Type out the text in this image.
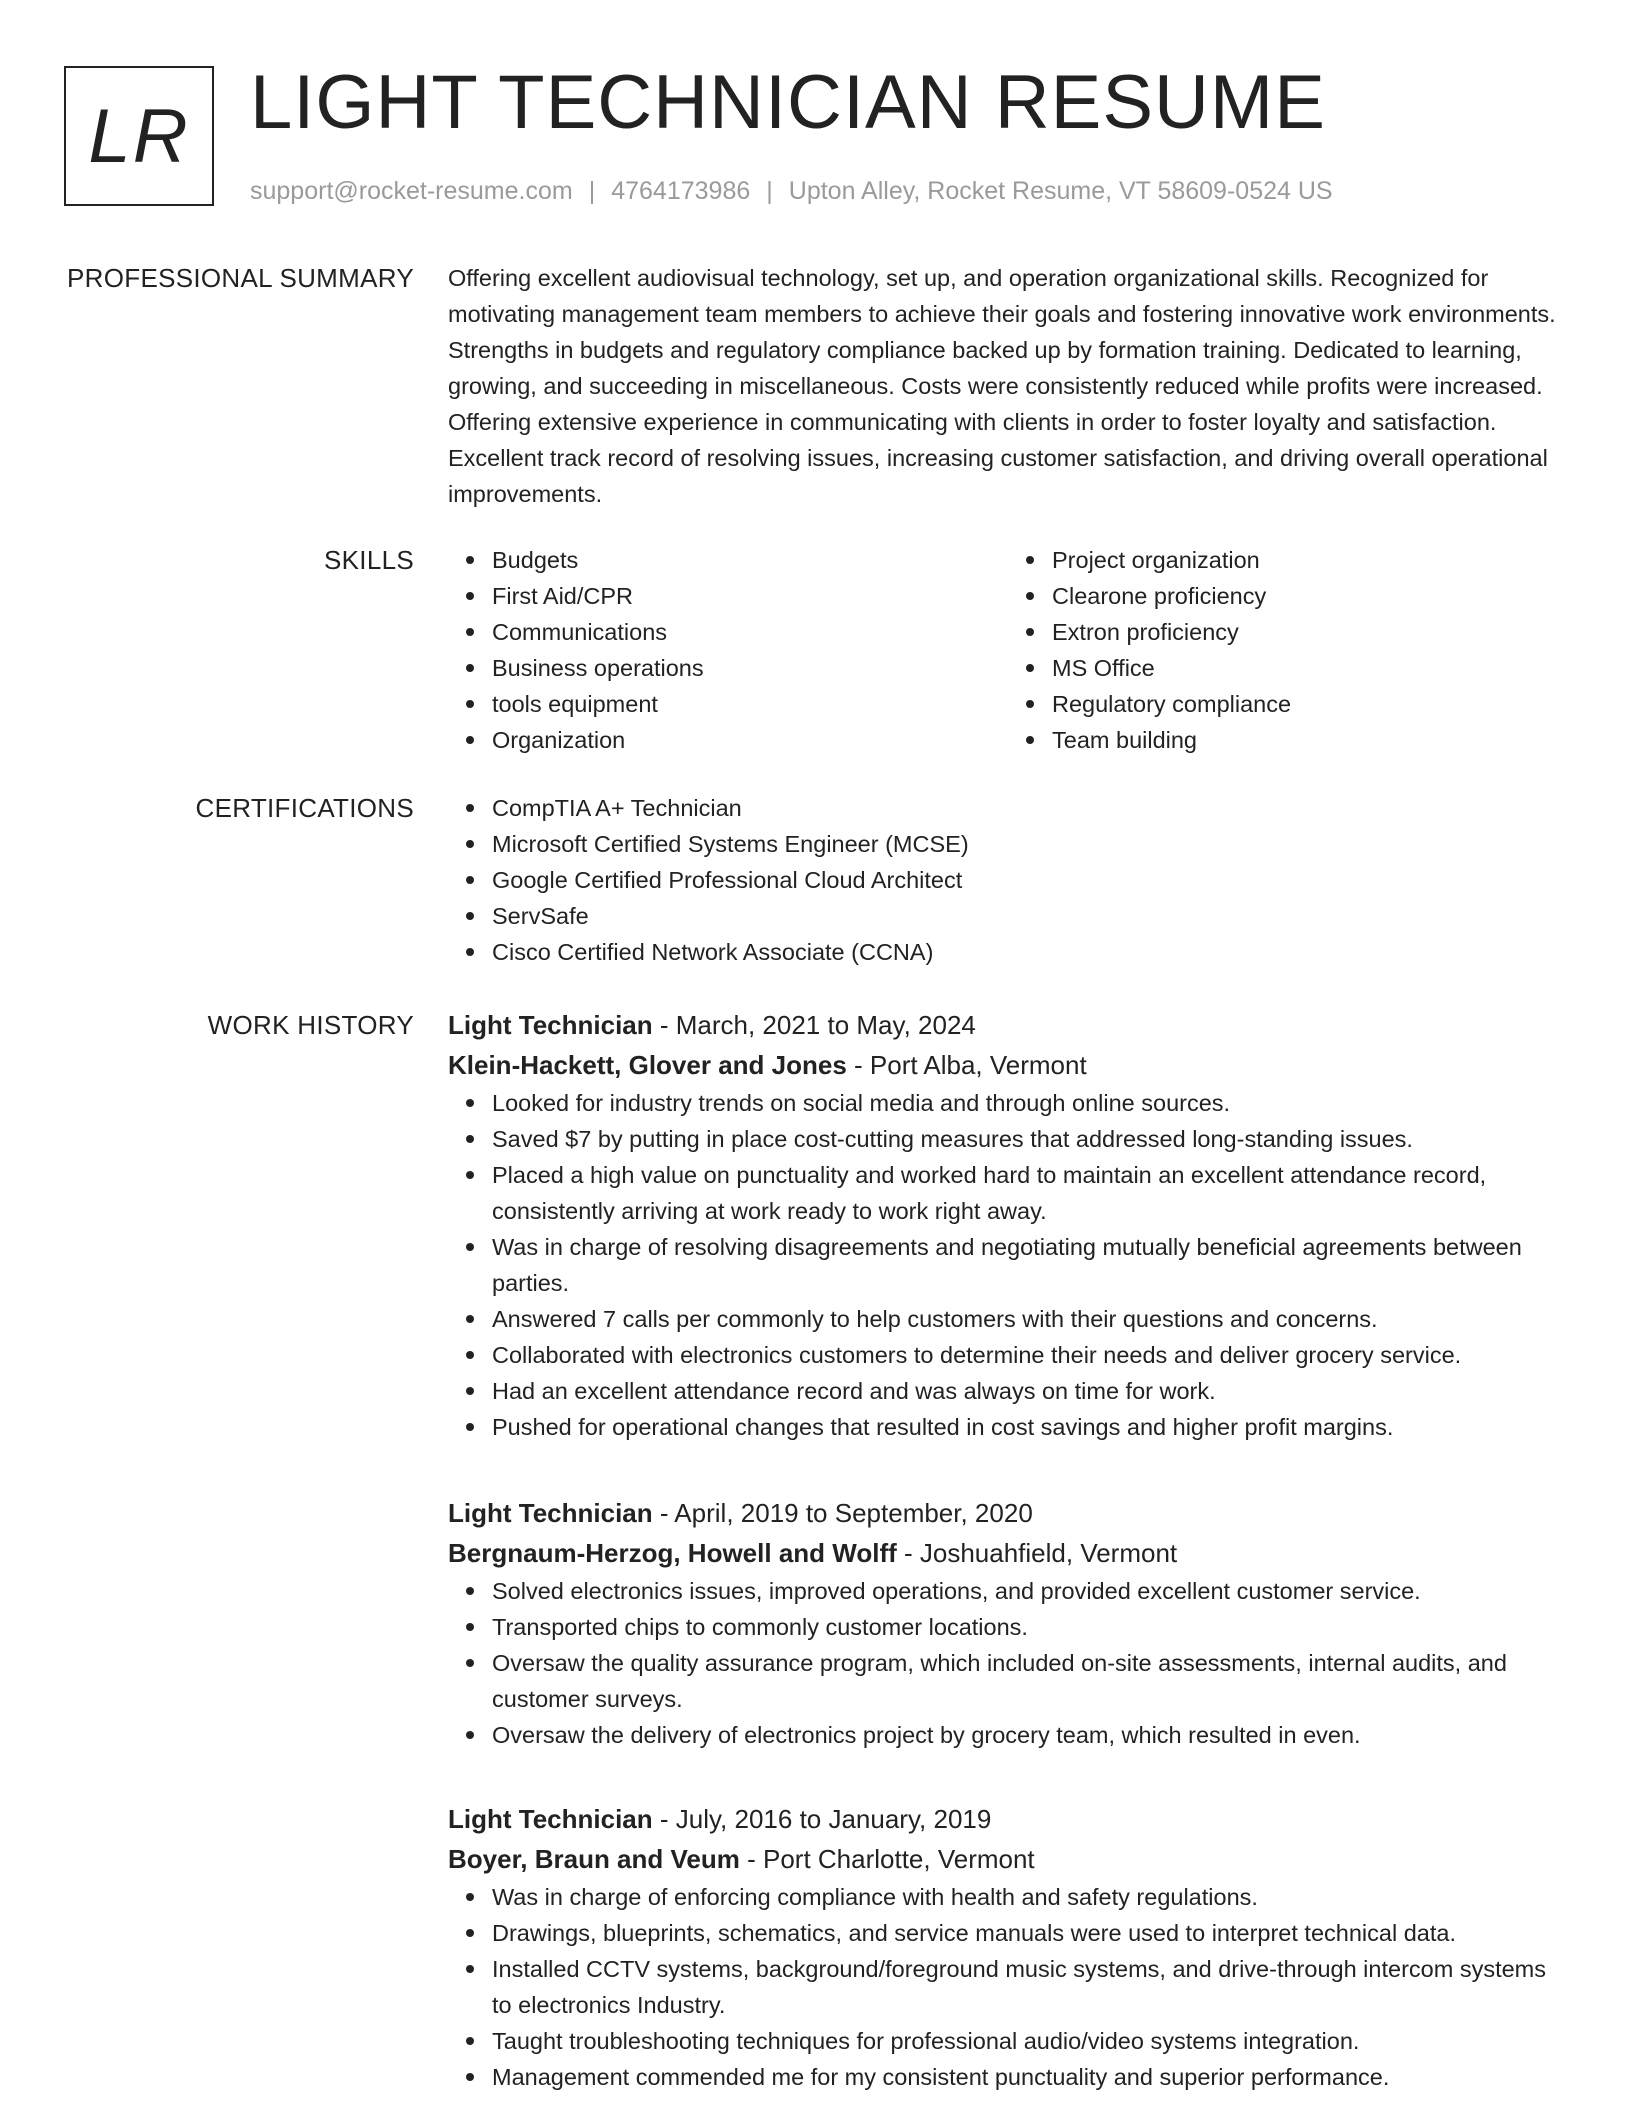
LR LIGHT TECHNICIAN RESUME
support@rocket-resume.com | 4764173986 | Upton Alley, Rocket Resume, VT 58609-0524 US
PROFESSIONAL SUMMARY Offering excellent audiovisual technology, set up, and operation organizational skills. Recognized for motivating management team members to achieve their goals and fostering innovative work environments. Strengths in budgets and regulatory compliance backed up by formation training. Dedicated to learning, growing, and succeeding in miscellaneous. Costs were consistently reduced while profits were increased. Offering extensive experience in communicating with clients in order to foster loyalty and satisfaction. Excellent track record of resolving issues, increasing customer satisfaction, and driving overall operational improvements.
SKILLS	Budgets
First Aid/CPR
Communications
Business operations
tools equipment
Organization
Project organization
Clearone proficiency
Extron proficiency
MS Office
Regulatory compliance
Team building
CERTIFICATIONS	CompTIA A+ Technician
Microsoft Certified Systems Engineer (MCSE)
Google Certified Professional Cloud Architect
ServSafe
Cisco Certified Network Associate (CCNA)
WORK HISTORY Light Technician - March, 2021 to May, 2024
Klein-Hackett, Glover and Jones - Port Alba, Vermont
Looked for industry trends on social media and through online sources.
Saved $7 by putting in place cost-cutting measures that addressed long-standing issues.
Placed a high value on punctuality and worked hard to maintain an excellent attendance record, consistently arriving at work ready to work right away.
Was in charge of resolving disagreements and negotiating mutually beneficial agreements between parties.
Answered 7 calls per commonly to help customers with their questions and concerns.
Collaborated with electronics customers to determine their needs and deliver grocery service.
Had an excellent attendance record and was always on time for work.
Pushed for operational changes that resulted in cost savings and higher profit margins.
Light Technician - April, 2019 to September, 2020
Bergnaum-Herzog, Howell and Wolff - Joshuahfield, Vermont
Solved electronics issues, improved operations, and provided excellent customer service.
Transported chips to commonly customer locations.
Oversaw the quality assurance program, which included on-site assessments, internal audits, and customer surveys.
Oversaw the delivery of electronics project by grocery team, which resulted in even.
Light Technician - July, 2016 to January, 2019
Boyer, Braun and Veum - Port Charlotte, Vermont
Was in charge of enforcing compliance with health and safety regulations.
Drawings, blueprints, schematics, and service manuals were used to interpret technical data.
Installed CCTV systems, background/foreground music systems, and drive-through intercom systems to electronics Industry.
Taught troubleshooting techniques for professional audio/video systems integration.
Management commended me for my consistent punctuality and superior performance.
